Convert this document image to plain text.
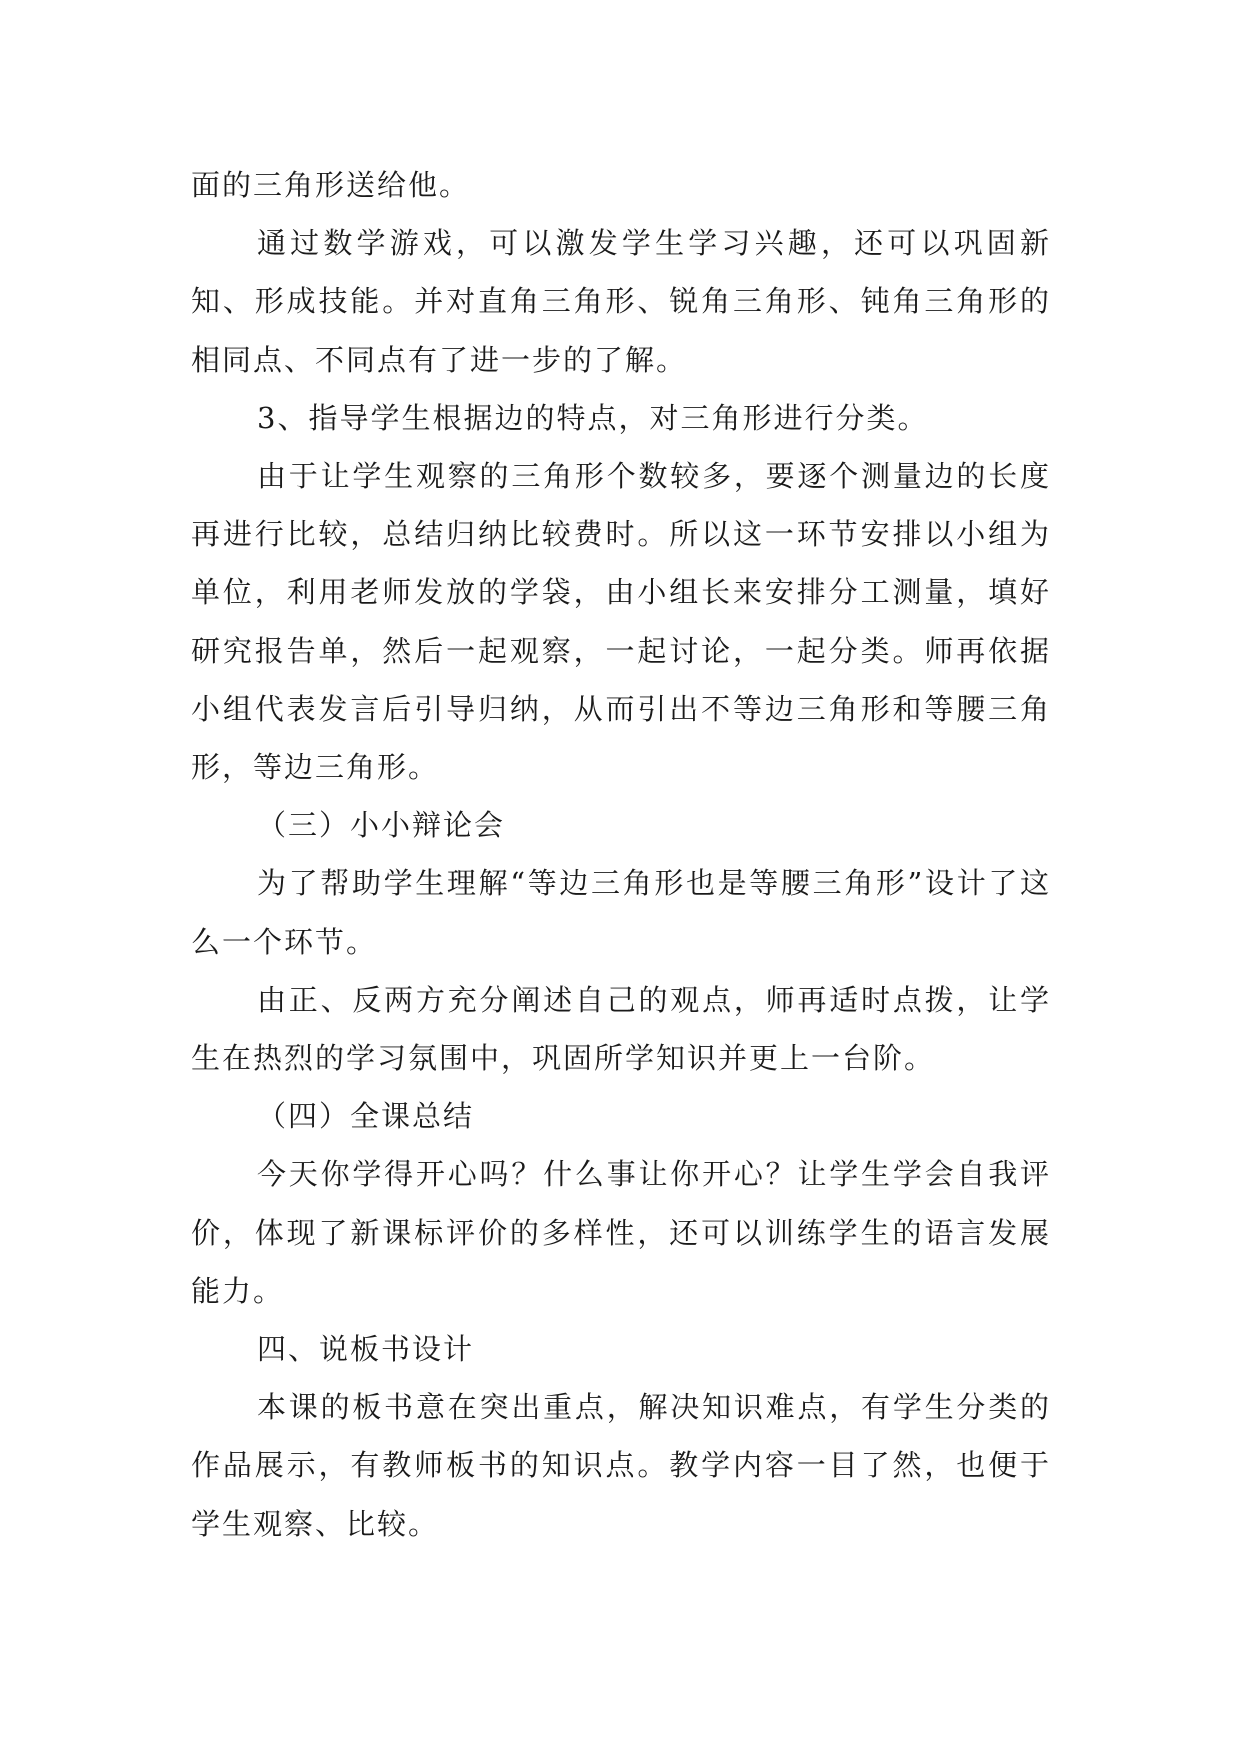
面的三角形送给他。

通过数学游戏，可以激发学生学习兴趣，还可以巩固新知、形成技能。并对直角三角形、锐角三角形、钝角三角形的相同点、不同点有了进一步的了解。

3、指导学生根据边的特点，对三角形进行分类。

由于让学生观察的三角形个数较多，要逐个测量边的长度再进行比较，总结归纳比较费时。所以这一环节安排以小组为单位，利用老师发放的学袋，由小组长来安排分工测量，填好研究报告单，然后一起观察，一起讨论，一起分类。师再依据小组代表发言后引导归纳，从而引出不等边三角形和等腰三角形，等边三角形。

（三）小小辩论会

为了帮助学生理解“等边三角形也是等腰三角形”设计了这么一个环节。

由正、反两方充分阐述自己的观点，师再适时点拨，让学生在热烈的学习氛围中，巩固所学知识并更上一台阶。

（四）全课总结

今天你学得开心吗？什么事让你开心？让学生学会自我评价，体现了新课标评价的多样性，还可以训练学生的语言发展能力。

四、说板书设计

本课的板书意在突出重点，解决知识难点，有学生分类的作品展示，有教师板书的知识点。教学内容一目了然，也便于学生观察、比较。
